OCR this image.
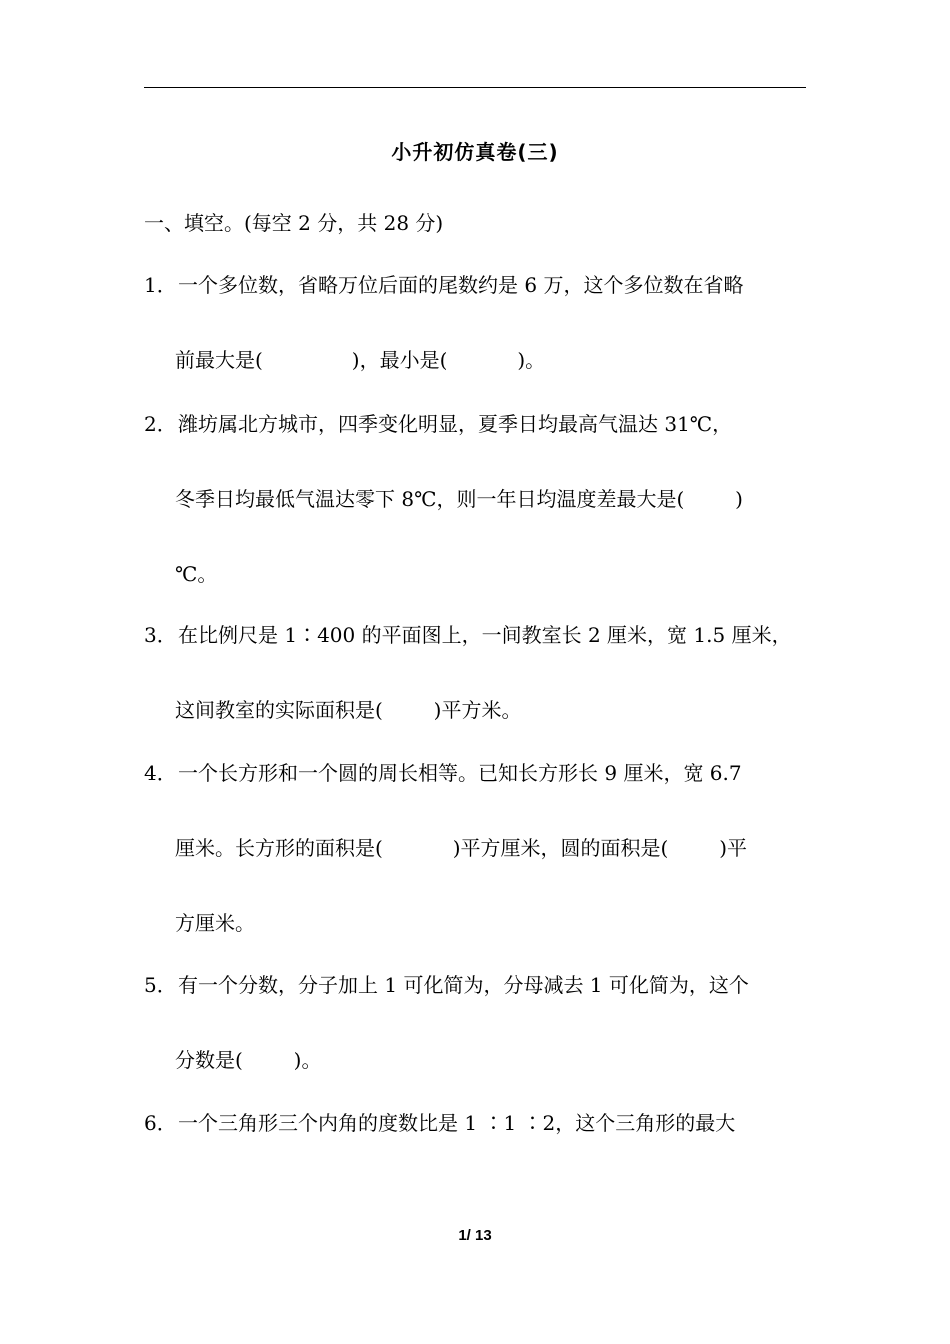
小升初仿真卷(三)
一、填空。(每空 2 分，共 28 分)
1． 一个多位数，省略万位后面的尾数约是 6 万，这个多位数在省略
前最大是(              )，最小是(           )。
2． 潍坊属北方城市，四季变化明显，夏季日均最高气温达 31℃，
冬季日均最低气温达零下 8℃，则一年日均温度差最大是(        )
℃。
3． 在比例尺是 1∶400 的平面图上，一间教室长 2 厘米，宽 1.5 厘米，
这间教室的实际面积是(        )平方米。
4． 一个长方形和一个圆的周长相等。已知长方形长 9 厘米，宽 6.7
厘米。长方形的面积是(           )平方厘米，圆的面积是(        )平
方厘米。
5． 有一个分数，分子加上 1 可化简为，分母减去 1 可化简为，这个
分数是(        )。
6． 一个三角形三个内角的度数比是 1 ∶1 ∶2，这个三角形的最大
1/ 13
